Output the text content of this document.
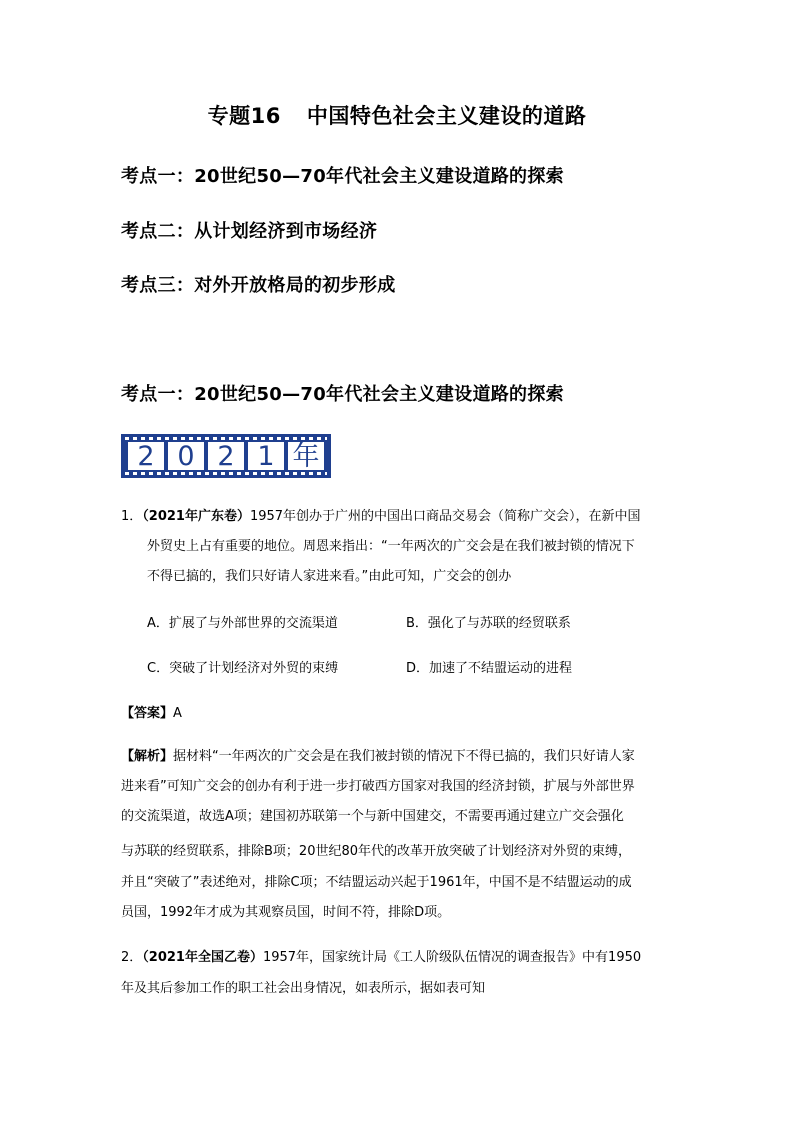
专题16 中国特色社会主义建设的道路
考点一：20世纪50—70年代社会主义建设道路的探索
考点二：从计划经济到市场经济
考点三：对外开放格局的初步形成
考点一：20世纪50—70年代社会主义建设道路的探索
2 0 2 1 年
1．（2021年广东卷）1957年创办于广州的中国出口商品交易会（简称广交会），在新中国
外贸史上占有重要的地位。周恩来指出：“一年两次的广交会是在我们被封锁的情况下
不得已搞的，我们只好请人家进来看。”由此可知，广交会的创办
A．扩展了与外部世界的交流渠道	B．强化了与苏联的经贸联系
C．突破了计划经济对外贸的束缚	D．加速了不结盟运动的进程
【答案】A
【解析】据材料“一年两次的广交会是在我们被封锁的情况下不得已搞的，我们只好请人家
进来看”可知广交会的创办有利于进一步打破西方国家对我国的经济封锁，扩展与外部世界
的交流渠道，故选A项；建国初苏联第一个与新中国建交，不需要再通过建立广交会强化
与苏联的经贸联系，排除B项；20世纪80年代的改革开放突破了计划经济对外贸的束缚，
并且“突破了”表述绝对，排除C项；不结盟运动兴起于1961年，中国不是不结盟运动的成
员国，1992年才成为其观察员国，时间不符，排除D项。
2．（2021年全国乙卷）1957年，国家统计局《工人阶级队伍情况的调查报告》中有1950
年及其后参加工作的职工社会出身情况，如表所示，据如表可知
